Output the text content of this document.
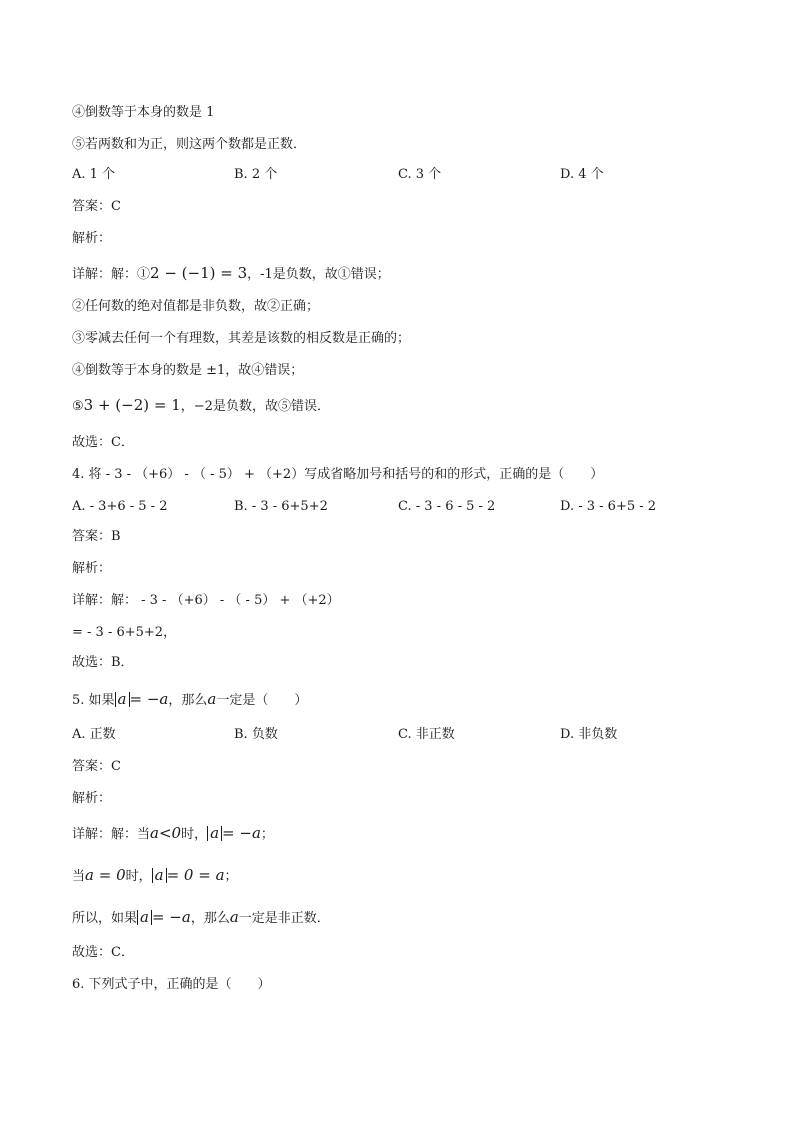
④倒数等于本身的数是 1
⑤若两数和为正，则这两个数都是正数．
A. 1 个	B. 2 个	C. 3 个	D. 4 个
答案：C
解析：
详解：解：①2 − (−1) = 3，-1是负数，故①错误；
②任何数的绝对值都是非负数，故②正确；
③零减去任何一个有理数，其差是该数的相反数是正确的；
④倒数等于本身的数是 ±1，故④错误；
⑤3 + (−2) = 1，−2是负数，故⑤错误．
故选：C．
4. 将 - 3 - （+6） - （ - 5） + （+2）写成省略加号和括号的和的形式，正确的是（　　）
A. - 3+6 - 5 - 2	B. - 3 - 6+5+2	C. - 3 - 6 - 5 - 2	D. - 3 - 6+5 - 2
答案：B
解析：
详解：解： - 3 - （+6） - （ - 5） + （+2）
= - 3 - 6+5+2，
故选：B．
5. 如果 a = −a，那么a一定是（　　）
A. 正数	B. 负数	C. 非正数	D. 非负数
答案：C
解析：
详解：解：当a<0时， a = −a；
当a = 0时， a = 0 = a；
所以，如果 a = −a，那么a一定是非正数．
故选：C．
6. 下列式子中，正确的是（　　）
